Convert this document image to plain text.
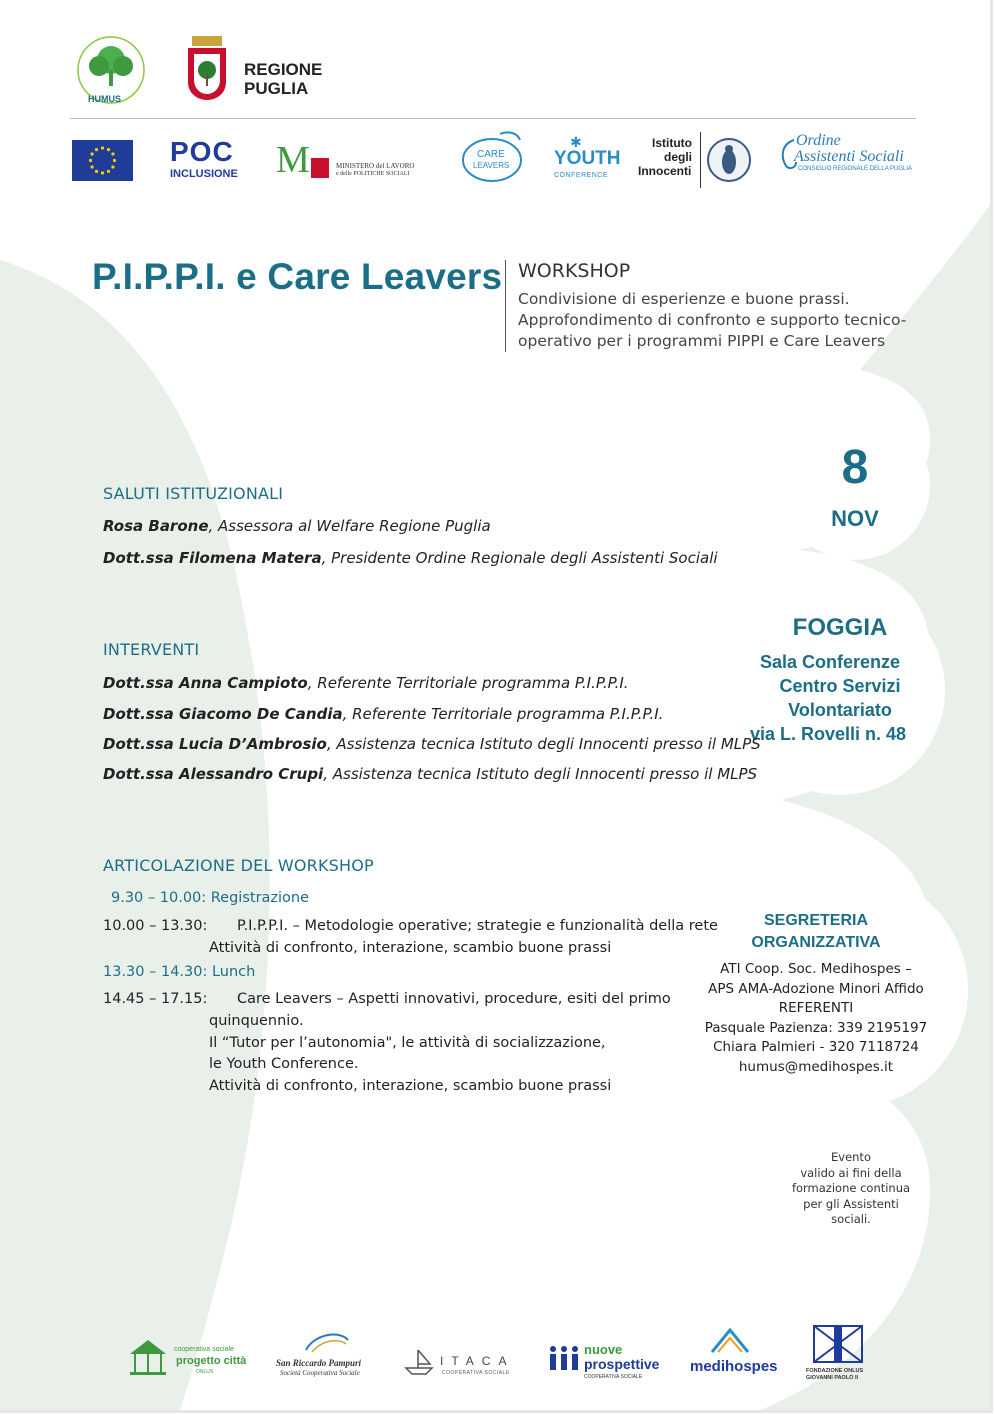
HUMUS
REGIONE
PUGLIA
POC
INCLUSIONE M	MINISTERO del LAVORO
e delle POLITICHE SOCIALI
CARE
LEAVERS
✱
YOUTH
CONFERENCE
Istituto
degli
Innocenti
Ordine
Assistenti Sociali
CONSIGLIO REGIONALE DELLA PUGLIA
P.I.P.P.I. e Care Leavers WORKSHOP
Condivisione di esperienze e buone prassi.
Approfondimento di confronto e supporto tecnico-
operativo per i programmi PIPPI e Care Leavers
8
NOV
FOGGIA
Sala Conferenze
Centro Servizi
Volontariato
via L. Rovelli n. 48
SALUTI ISTITUZIONALI
Rosa Barone, Assessora al Welfare Regione Puglia
Dott.ssa Filomena Matera, Presidente Ordine Regionale degli Assistenti Sociali
INTERVENTI
Dott.ssa Anna Campioto, Referente Territoriale programma P.I.P.P.I.
Dott.ssa Giacomo De Candia, Referente Territoriale programma P.I.P.P.I.
Dott.ssa Lucia D’Ambrosio, Assistenza tecnica Istituto degli Innocenti presso il MLPS
Dott.ssa Alessandro Crupi, Assistenza tecnica Istituto degli Innocenti presso il MLPS
ARTICOLAZIONE DEL WORKSHOP
9.30 – 10.00: Registrazione
10.00 – 13.30: P.I.P.P.I. – Metodologie operative; strategie e funzionalità della rete
Attività di confronto, interazione, scambio buone prassi
13.30 – 14.30: Lunch
14.45 – 17.15: Care Leavers – Aspetti innovativi, procedure, esiti del primo
quinquennio.
Il “Tutor per l’autonomia", le attività di socializzazione,
le Youth Conference.
Attività di confronto, interazione, scambio buone prassi
SEGRETERIA
ORGANIZZATIVA
ATI Coop. Soc. Medihospes –
APS AMA-Adozione Minori Affido
REFERENTI
Pasquale Pazienza: 339 2195197
Chiara Palmieri - 320 7118724
humus@medihospes.it
Evento
valido ai fini della
formazione continua
per gli Assistenti
sociali.
cooperativa sociale
progetto città
ONLUS
San Riccardo Pampuri
Società Cooperativa Sociale
ITACA
COOPERATIVA SOCIALE
nuove
prospettive
COOPERATIVA SOCIALE
medihospes	FONDAZIONE ONLUS
GIOVANNI PAOLO II
